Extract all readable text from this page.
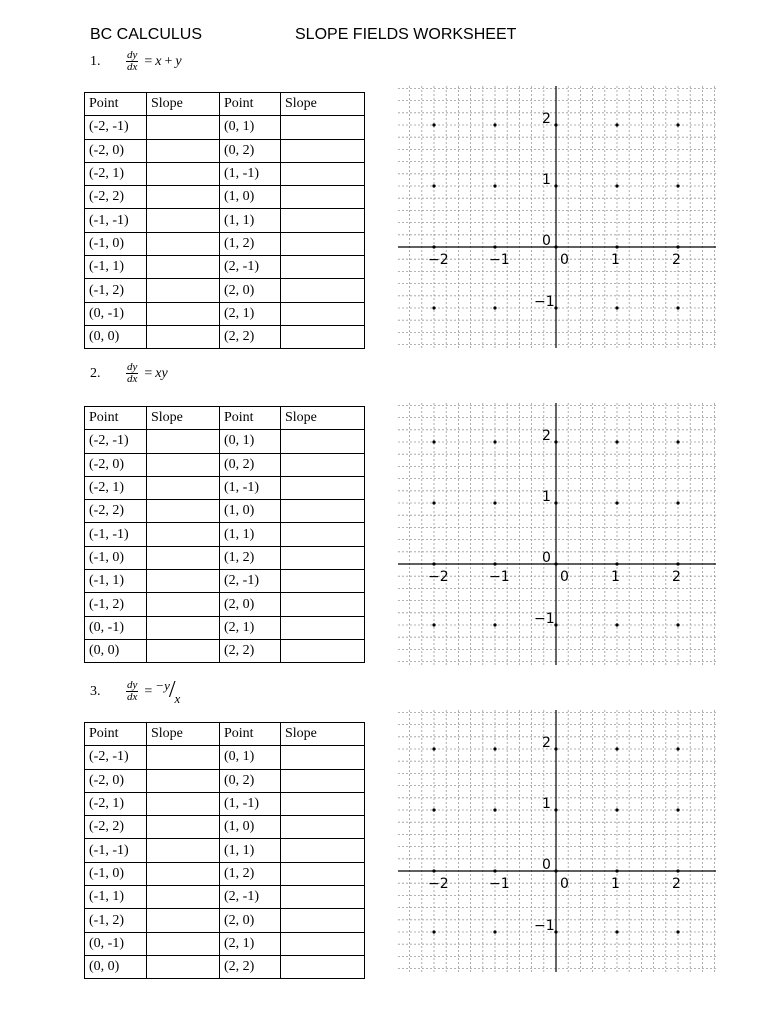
BC CALCULUS	SLOPE FIELDS WORKSHEET
1.	$\frac{dy}{dx} = x + y$
2.	$\frac{dy}{dx}$ = xy
3.	$\frac{dy}{dx} = -y / x$
Point	Slope	Point	Slope
(-2, -1)		(0, 1)	
(-2, 0)		(0, 2)	
(-2, 1)		(1, -1)	
(-2, 2)		(1, 0)	
(-1, -1)		(1, 1)	
(-1, 0)		(1, 2)	
(-1, 1)		(2, -1)	
(-1, 2)		(2, 0)	
(0, -1)		(2, 1)	
(0, 0)		(2, 2)	
Point	Slope	Point	Slope
(-2, -1)		(0, 1)	
(-2, 0)		(0, 2)	
(-2, 1)		(1, -1)	
(-2, 2)		(1, 0)	
(-1, -1)		(1, 1)	
(-1, 0)		(1, 2)	
(-1, 1)		(2, -1)	
(-1, 2)		(2, 0)	
(0, -1)		(2, 1)	
(0, 0)		(2, 2)	
Point	Slope	Point	Slope
(-2, -1)		(0, 1)	
(-2, 0)		(0, 2)	
(-2, 1)		(1, -1)	
(-2, 2)		(1, 0)	
(-1, -1)		(1, 1)	
(-1, 0)		(1, 2)	
(-1, 1)		(2, -1)	
(-1, 2)		(2, 0)	
(0, -1)		(2, 1)	
(0, 0)		(2, 2)	
−2	−1	0	1	2
2
1
0
−1
−2	−1	0	1	2
2
1
0
−1
−2	−1	0	1	2
2
1
0
−1
